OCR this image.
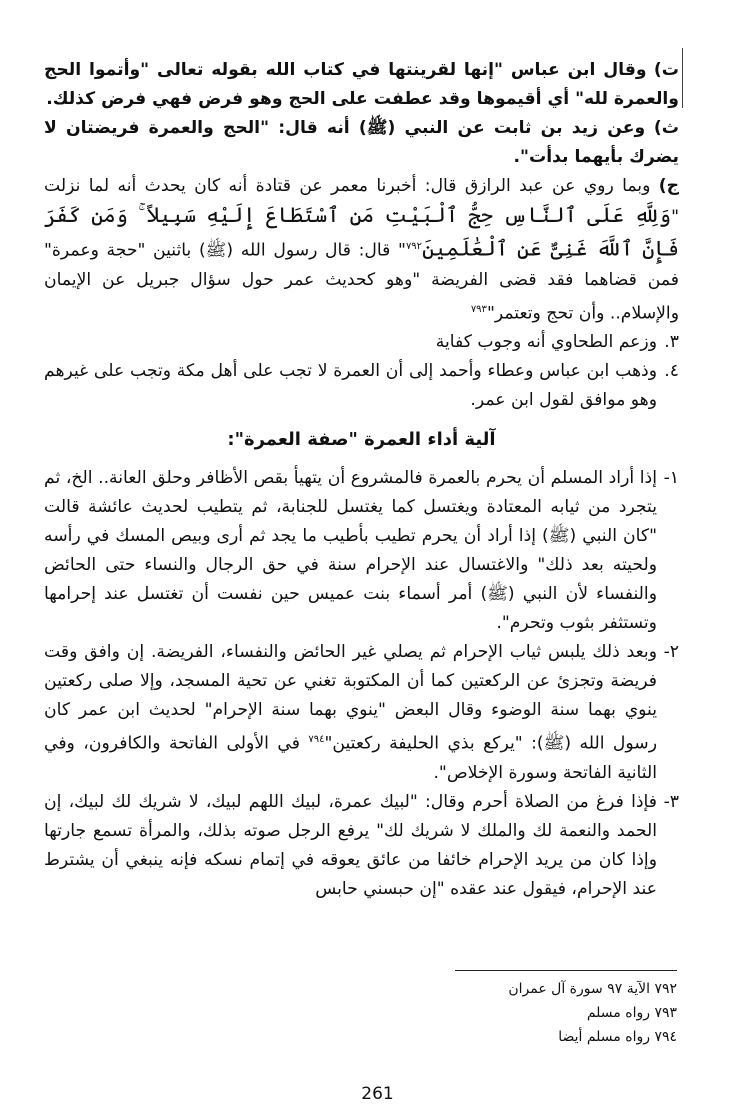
ت) وقال ابن عباس "إنها لقرينتها في كتاب الله بقوله تعالى "وأتموا الحج والعمرة لله" أي أقيموها وقد عطفت على الحج وهو فرض فهي فرض كذلك.

ث) وعن زيد بن ثابت عن النبي (ﷺ) أنه قال: "الحج والعمرة فريضتان لا يضرك بأيهما بدأت".

ج) وبما روي عن عبد الرازق قال: أخبرنا معمر عن قتادة أنه كان يحدث أنه لما نزلت "وَلِلَّهِ عَلَى ٱلنَّاسِ حِجُّ ٱلْبَيْتِ مَنِ ٱسْتَطَاعَ إِلَيْهِ سَبِيلاً ۚ وَمَن كَفَرَ فَإِنَّ ٱللَّهَ غَنِىٌّ عَنِ ٱلْعَٰلَمِينَ$^{٧٩٢}$" قال: قال رسول الله (ﷺ) باثنين "حجة وعمرة" فمن قضاهما فقد قضى الفريضة "وهو كحديث عمر حول سؤال جبريل عن الإيمان والإسلام.. وأن تحج وتعتمر"$^{٧٩٣}$

٣.
وزعم الطحاوي أنه وجوب كفاية

٤.
وذهب ابن عباس وعطاء وأحمد إلى أن العمرة لا تجب على أهل مكة وتجب على غيرهم وهو موافق لقول ابن عمر.

آلية أداء العمرة "صفة العمرة":

١-
إذا أراد المسلم أن يحرم بالعمرة فالمشروع أن يتهيأ بقص الأظافر وحلق العانة.. الخ، ثم يتجرد من ثيابه المعتادة ويغتسل كما يغتسل للجنابة، ثم يتطيب لحديث عائشة قالت "كان النبي (ﷺ) إذا أراد أن يحرم تطيب بأطيب ما يجد ثم أرى وبيص المسك في رأسه ولحيته بعد ذلك" والاغتسال عند الإحرام سنة في حق الرجال والنساء حتى الحائض والنفساء لأن النبي (ﷺ) أمر أسماء بنت عميس حين نفست أن تغتسل عند إحرامها وتستثفر بثوب وتحرم".

٢-
وبعد ذلك يلبس ثياب الإحرام ثم يصلي غير الحائض والنفساء، الفريضة. إن وافق وقت فريضة وتجزئ عن الركعتين كما أن المكتوبة تغني عن تحية المسجد، وإلا صلى ركعتين ينوي بهما سنة الوضوء وقال البعض "ينوي بهما سنة الإحرام" لحديث ابن عمر كان رسول الله (ﷺ): "يركع بذي الحليفة ركعتين"$^{٧٩٤}$ في الأولى الفاتحة والكافرون، وفي الثانية الفاتحة وسورة الإخلاص".

٣-
فإذا فرغ من الصلاة أحرم وقال: "لبيك عمرة، لبيك اللهم لبيك، لا شريك لك لبيك، إن الحمد والنعمة لك والملك لا شريك لك" يرفع الرجل صوته بذلك، والمرأة تسمع جارتها وإذا كان من يريد الإحرام خائفا من عائق يعوقه في إتمام نسكه فإنه ينبغي أن يشترط عند الإحرام، فيقول عند عقده "إن حبسني حابس

٧٩٢ الآية ٩٧ سورة آل عمران
٧٩٣ رواه مسلم
٧٩٤ رواه مسلم أيضا
261
